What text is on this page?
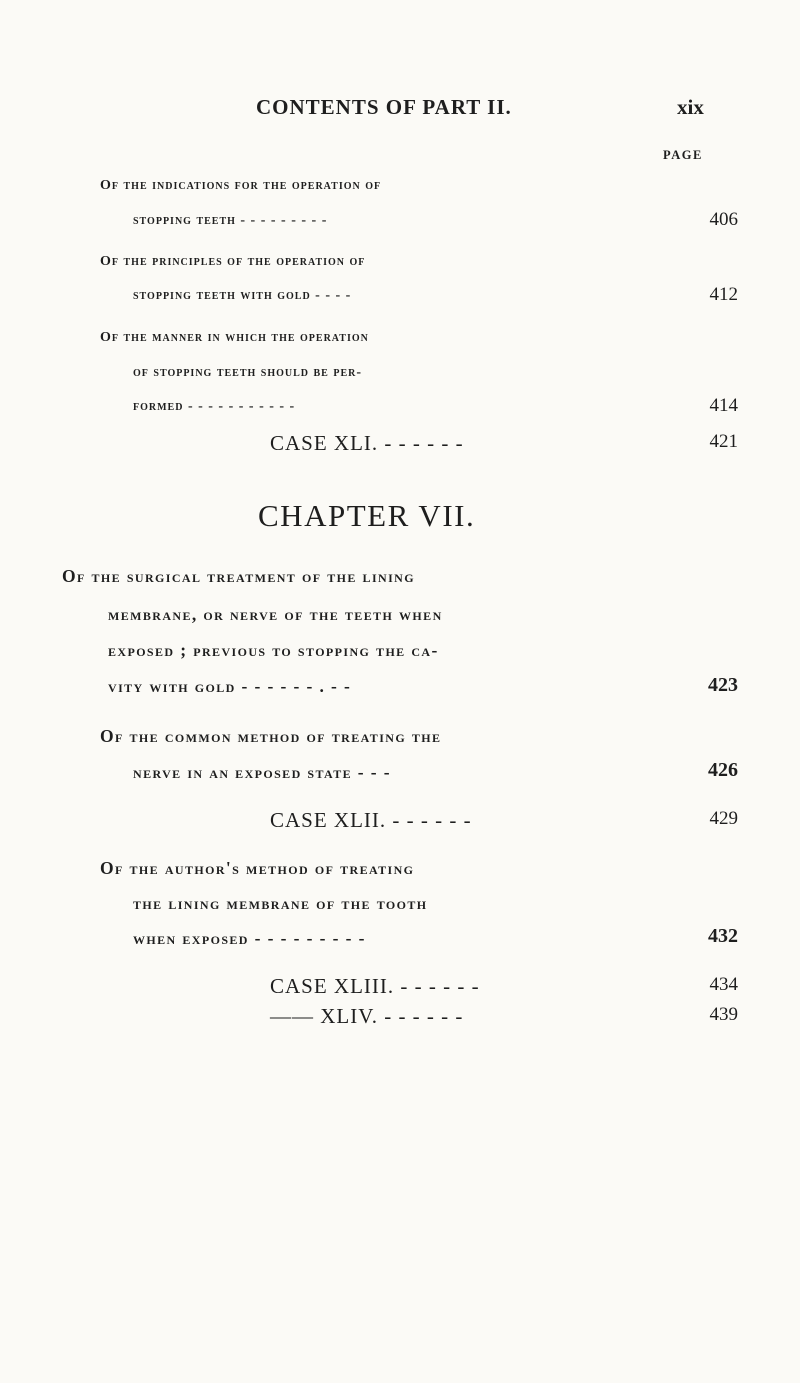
CONTENTS OF PART II.	xix
PAGE
Of the indications for the operation of
stopping teeth - - - - - - - - -	406
Of the principles of the operation of
stopping teeth with gold - - - -	412
Of the manner in which the operation
of stopping teeth should be per-
formed - - - - - - - - - - -	414
CASE XLI. - - - - - -	421
CHAPTER VII.
Of the surgical treatment of the lining
membrane, or nerve of the teeth when
exposed ; previous to stopping the ca-
vity with gold - - - - - - . - -	423
Of the common method of treating the
nerve in an exposed state - - -	426
CASE XLII. - - - - - -	429
Of the author's method of treating
the lining membrane of the tooth
when exposed - - - - - - - - -	432
CASE XLIII. - - - - - -	434
—— XLIV. - - - - - -	439
